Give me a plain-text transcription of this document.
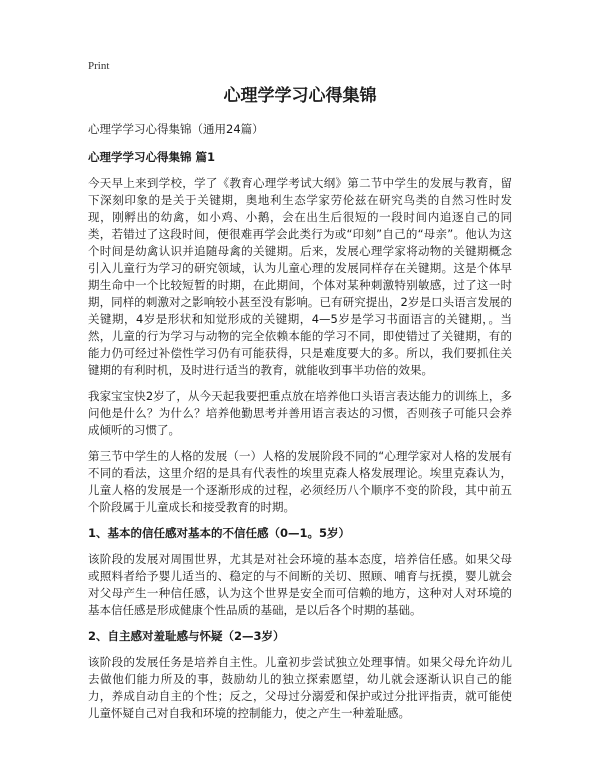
Print
心理学学习心得集锦
心理学学习心得集锦（通用24篇）
心理学学习心得集锦 篇1

今天早上来到学校，学了《教育心理学考试大纲》第二节中学生的发展与教育，留下深刻印象的是关于关键期，奥地利生态学家劳伦兹在研究鸟类的自然习性时发现，刚孵出的幼禽，如小鸡、小鹅，会在出生后很短的一段时间内追逐自己的同类，若错过了这段时间，便很难再学会此类行为或“印刻”自己的“母亲”。他认为这个时间是幼禽认识并追随母禽的关键期。后来，发展心理学家将动物的关键期概念引入儿童行为学习的研究领域，认为儿童心理的发展同样存在关键期。这是个体早期生命中一个比较短暂的时期，在此期间，个体对某种刺激特别敏感，过了这一时期，同样的刺激对之影响较小甚至没有影响。已有研究提出，2岁是口头语言发展的关键期，4岁是形状和知觉形成的关键期，4—5岁是学习书面语言的关键期，。当然，儿童的行为学习与动物的完全依赖本能的学习不同，即使错过了关键期，有的能力仍可经过补偿性学习仍有可能获得，只是难度要大的多。所以，我们要抓住关键期的有利时机，及时进行适当的教育，就能收到事半功倍的效果。

我家宝宝快2岁了，从今天起我要把重点放在培养他口头语言表达能力的训练上，多问他是什么？为什么？培养他勤思考并善用语言表达的习惯，否则孩子可能只会养成倾听的习惯了。

第三节中学生的人格的发展（一）人格的发展阶段不同的“心理学家对人格的发展有不同的看法，这里介绍的是具有代表性的埃里克森人格发展理论。埃里克森认为，儿童人格的发展是一个逐渐形成的过程，必须经历八个顺序不变的阶段，其中前五个阶段属于儿童成长和接受教育的时期。

1、基本的信任感对基本的不信任感（0—1。5岁）

该阶段的发展对周围世界，尤其是对社会环境的基本态度，培养信任感。如果父母或照料者给予婴儿适当的、稳定的与不间断的关切、照顾、哺育与抚摸，婴儿就会对父母产生一种信任感，认为这个世界是安全而可信赖的地方，这种对人对环境的基本信任感是形成健康个性品质的基础，是以后各个时期的基础。

2、自主感对羞耻感与怀疑（2—3岁）

该阶段的发展任务是培养自主性。儿童初步尝试独立处理事情。如果父母允许幼儿去做他们能力所及的事，鼓励幼儿的独立探索愿望，幼儿就会逐渐认识自己的能力，养成自动自主的个性；反之，父母过分溺爱和保护或过分批评指责，就可能使儿童怀疑自己对自我和环境的控制能力，使之产生一种羞耻感。
